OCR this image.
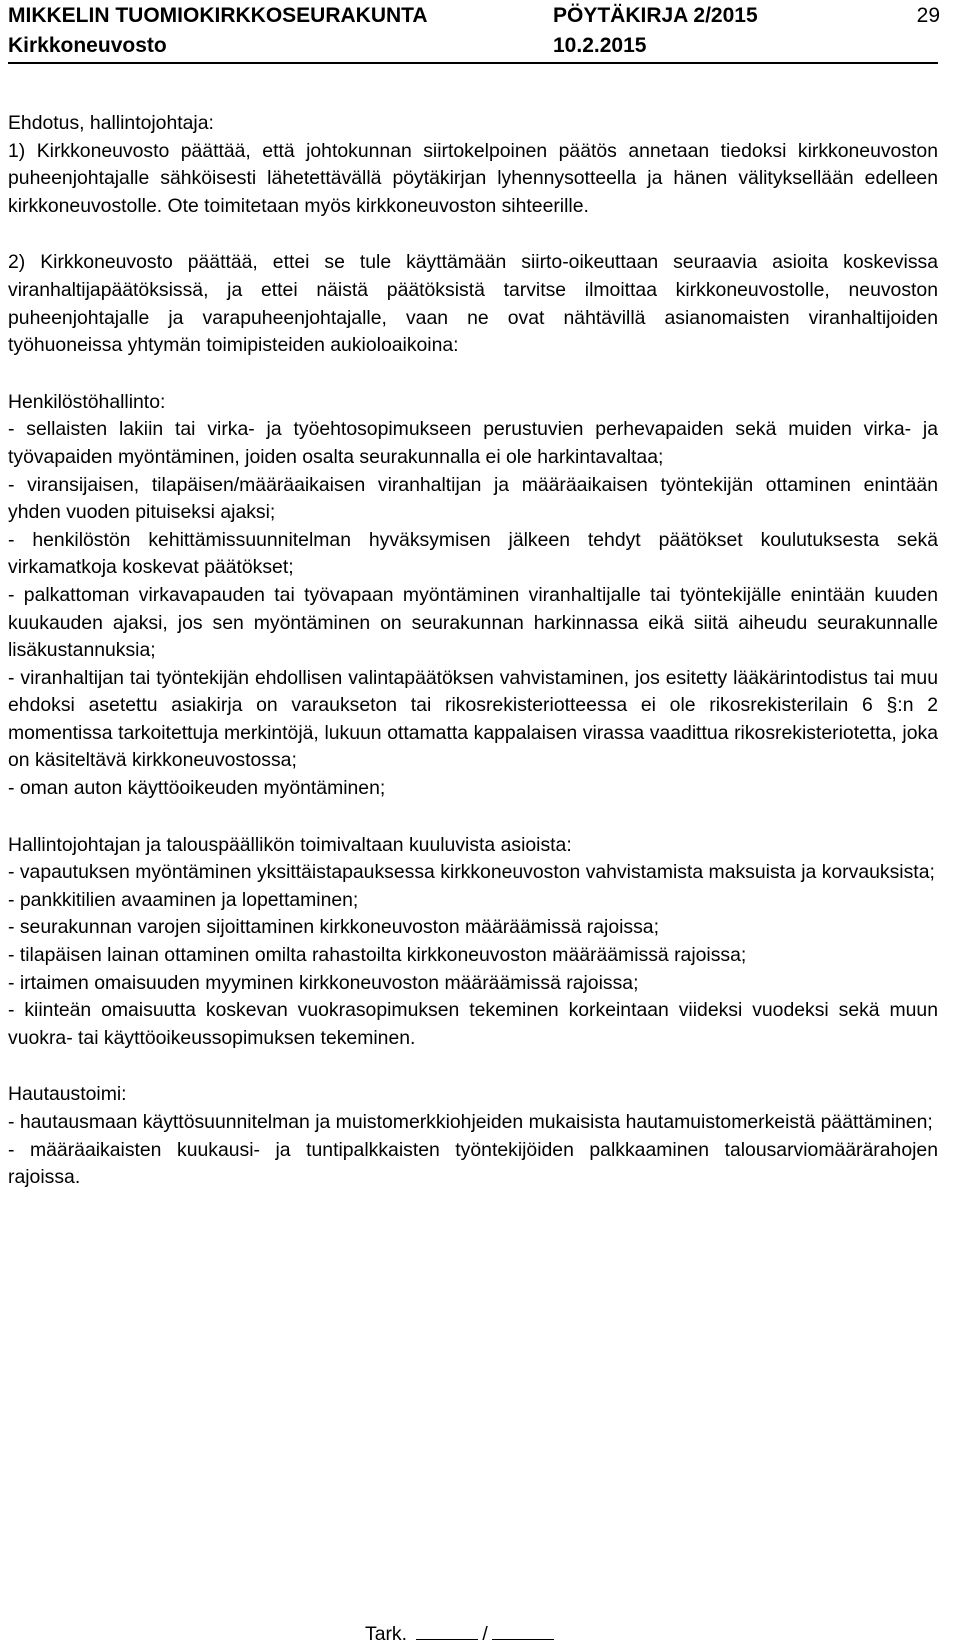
MIKKELIN TUOMIOKIRKKOSEURAKUNTA	PÖYTÄKIRJA 2/2015	29
Kirkkoneuvosto	10.2.2015

Ehdotus, hallintojohtaja:

1) Kirkkoneuvosto päättää, että johtokunnan siirtokelpoinen päätös annetaan tiedoksi kirkkoneuvoston puheenjohtajalle sähköisesti lähetettävällä pöytäkirjan lyhennysotteella ja hänen välityksellään edelleen kirkkoneuvostolle. Ote toimitetaan myös kirkkoneuvoston sihteerille.

2) Kirkkoneuvosto päättää, ettei se tule käyttämään siirto-oikeuttaan seuraavia asioita koskevissa viranhaltijapäätöksissä, ja ettei näistä päätöksistä tarvitse ilmoittaa kirkkoneuvostolle, neuvoston puheenjohtajalle ja varapuheenjohtajalle, vaan ne ovat nähtävillä asianomaisten viranhaltijoiden työhuoneissa yhtymän toimipisteiden aukioloaikoina:

Henkilöstöhallinto:

- sellaisten lakiin tai virka- ja työehtosopimukseen perustuvien perhevapaiden sekä muiden virka- ja työvapaiden myöntäminen, joiden osalta seurakunnalla ei ole harkintavaltaa;

- viransijaisen, tilapäisen/määräaikaisen viranhaltijan ja määräaikaisen työntekijän ottaminen enintään yhden vuoden pituiseksi ajaksi;

- henkilöstön kehittämissuunnitelman hyväksymisen jälkeen tehdyt päätökset koulutuksesta sekä virkamatkoja koskevat päätökset;

- palkattoman virkavapauden tai työvapaan myöntäminen viranhaltijalle tai työntekijälle enintään kuuden kuukauden ajaksi, jos sen myöntäminen on seurakunnan harkinnassa eikä siitä aiheudu seurakunnalle lisäkustannuksia;

- viranhaltijan tai työntekijän ehdollisen valintapäätöksen vahvistaminen, jos esitetty lääkärintodistus tai muu ehdoksi asetettu asiakirja on varaukseton tai rikosrekisteriotteessa ei ole rikosrekisterilain 6 §:n 2 momentissa tarkoitettuja merkintöjä, lukuun ottamatta kappalaisen virassa vaadittua rikosrekisteriotetta, joka on käsiteltävä kirkkoneuvostossa;

- oman auton käyttöoikeuden myöntäminen;

Hallintojohtajan ja talouspäällikön toimivaltaan kuuluvista asioista:

- vapautuksen myöntäminen yksittäistapauksessa kirkkoneuvoston vahvistamista maksuista ja korvauksista;

- pankkitilien avaaminen ja lopettaminen;

- seurakunnan varojen sijoittaminen kirkkoneuvoston määräämissä rajoissa;

- tilapäisen lainan ottaminen omilta rahastoilta kirkkoneuvoston määräämissä rajoissa;

- irtaimen omaisuuden myyminen kirkkoneuvoston määräämissä rajoissa;

- kiinteän omaisuutta koskevan vuokrasopimuksen tekeminen korkeintaan viideksi vuodeksi sekä muun vuokra- tai käyttöoikeussopimuksen tekeminen.

Hautaustoimi:

- hautausmaan käyttösuunnitelman ja muistomerkkiohjeiden mukaisista hautamuistomerkeistä päättäminen;

- määräaikaisten kuukausi- ja tuntipalkkaisten työntekijöiden palkkaaminen talousarviomäärärahojen rajoissa.

Tark.	/
